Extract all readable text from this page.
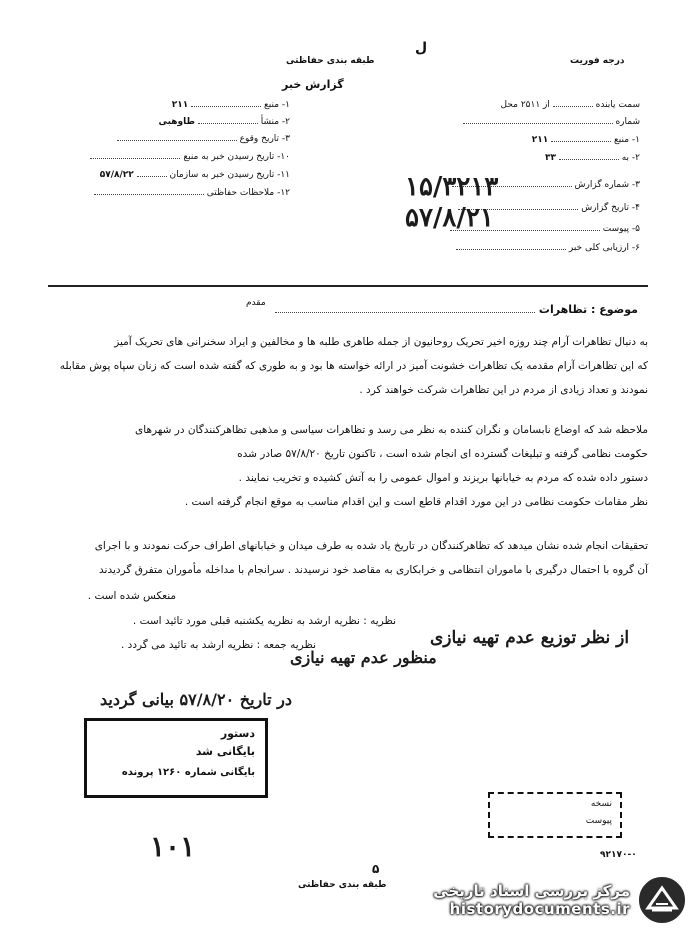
طبقه بندی حفاظتی
گزارش خبر
ل
درجه فوریت
۱- منبع  ۲۱۱
۲- منشأ  طاوهبی
۳- تاریخ وقوع
۱۰- تاریخ رسیدن خبر به منبع
۱۱- تاریخ رسیدن خبر به سازمان  ۵۷/۸/۲۲
۱۲- ملاحظات حفاظتی
سمت یابنده  از ۲۵۱۱ محل
شماره
۱- منبع  ۲۱۱
۲- به  ۳۳
۳- شماره گزارش
۴- تاریخ گزارش
۵- پیوست
۶- ارزیابی کلی خبر
۱۵/۳۲۱۳
۵۷/۸/۲۱
موضوع : تظاهرات
مقدم
به دنبال تظاهرات آرام چند روزه اخیر تحریک روحانیون از جمله طاهری طلبه ها و مخالفین و ایراد سخنرانی های تحریک آمیز
که این تظاهرات آرام مقدمه یک تظاهرات خشونت آمیز در ارائه خواسته ها بود و به طوری که گفته شده است که زنان سپاه پوش مقابله
نمودند و تعداد زیادی از مردم در این تظاهرات شرکت خواهند کرد .
ملاحظه شد که اوضاع نابسامان و نگران کننده به نظر می رسد و تظاهرات سیاسی و مذهبی تظاهرکنندگان در شهرهای
حکومت نظامی گرفته و تبلیغات گسترده ای انجام شده است ، تاکنون تاریخ ۵۷/۸/۲۰ صادر شده
دستور داده شده که مردم به خیابانها بریزند و اموال عمومی را به آتش کشیده و تخریب نمایند .
نظر مقامات حکومت نظامی در این مورد اقدام قاطع است و این اقدام مناسب به موقع انجام گرفته است .
تحقیقات انجام شده نشان میدهد که تظاهرکنندگان در تاریخ یاد شده به طرف میدان و خیابانهای اطراف حرکت نمودند و با اجرای
آن گروه با احتمال درگیری با ماموران انتظامی و خرابکاری به مقاصد خود نرسیدند . سرانجام با مداخله مأموران متفرق گردیدند
منعکس شده است .
نظریه : نظریه ارشد به نظریه یکشنبه قبلی مورد تائید است .
نظریه جمعه : نظریه ارشد به تائید می گردد .	از نظر توزیع عدم تهیه نیازی
منظور عدم تهیه نیازی
در تاریخ ۵۷/۸/۲۰ بیانی گردید
دستور
بایگانی شد
بایگانی شماره ۱۲۶۰ پرونده
نسخه
پیوست
۱۰۱
۵
طبقه بندی حفاظتی
۹۲۱۷۰-۰
مرکز بررسی اسناد تاریخی
historydocuments.ir
